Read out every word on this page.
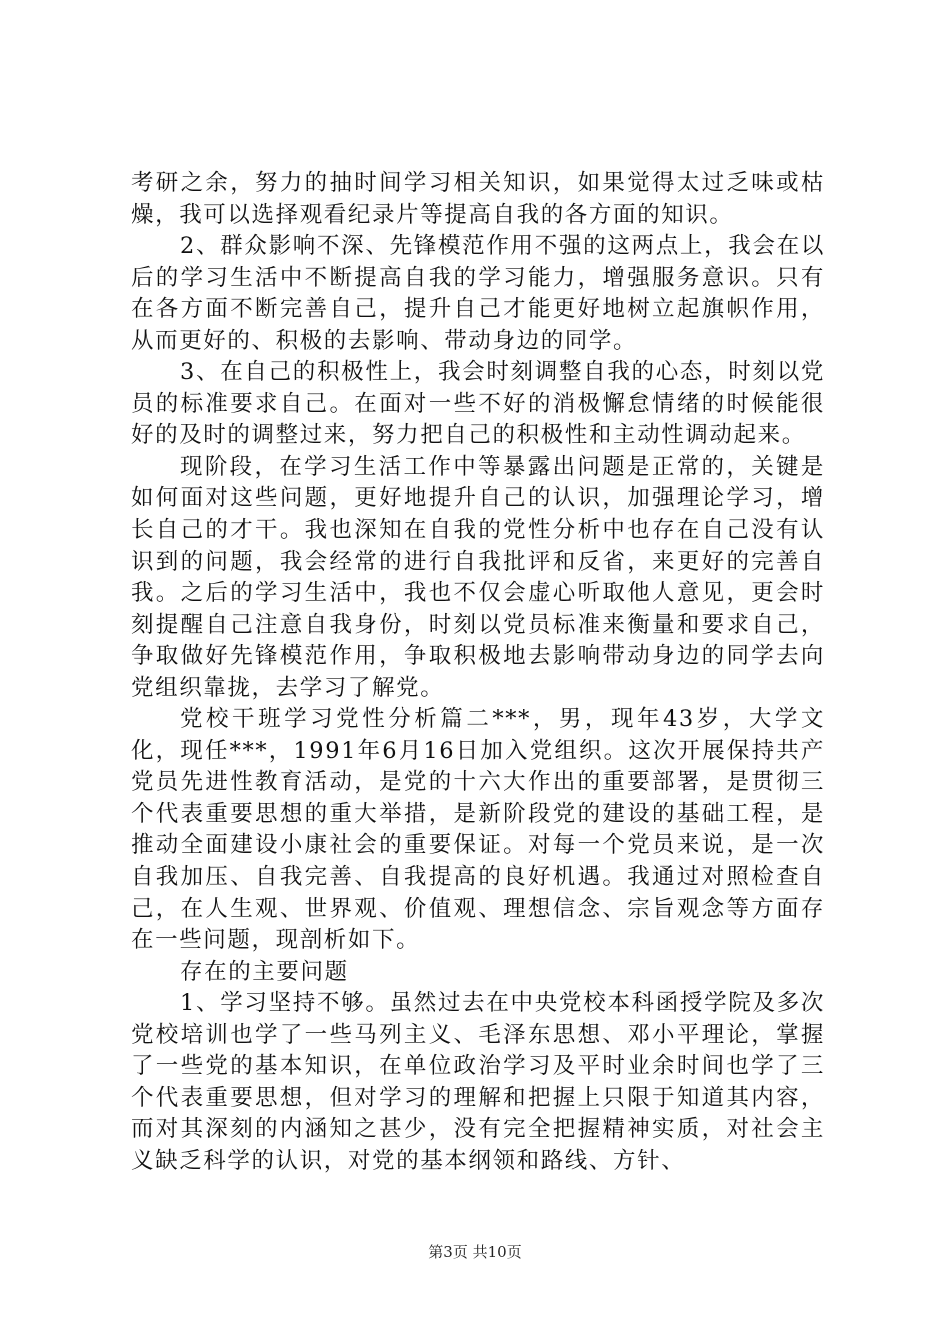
考研之余，努力的抽时间学习相关知识，如果觉得太过乏味或枯燥，我可以选择观看纪录片等提高自我的各方面的知识。

2、群众影响不深、先锋模范作用不强的这两点上，我会在以后的学习生活中不断提高自我的学习能力，增强服务意识。只有在各方面不断完善自己，提升自己才能更好地树立起旗帜作用，从而更好的、积极的去影响、带动身边的同学。

3、在自己的积极性上，我会时刻调整自我的心态，时刻以党员的标准要求自己。在面对一些不好的消极懈怠情绪的时候能很好的及时的调整过来，努力把自己的积极性和主动性调动起来。

现阶段，在学习生活工作中等暴露出问题是正常的，关键是如何面对这些问题，更好地提升自己的认识，加强理论学习，增长自己的才干。我也深知在自我的党性分析中也存在自己没有认识到的问题，我会经常的进行自我批评和反省，来更好的完善自我。之后的学习生活中，我也不仅会虚心听取他人意见，更会时刻提醒自己注意自我身份，时刻以党员标准来衡量和要求自己，争取做好先锋模范作用，争取积极地去影响带动身边的同学去向党组织靠拢，去学习了解党。

党校干班学习党性分析篇二***，男，现年43岁，大学文化，现任***，1991年6月16日加入党组织。这次开展保持共产党员先进性教育活动，是党的十六大作出的重要部署，是贯彻三个代表重要思想的重大举措，是新阶段党的建设的基础工程，是推动全面建设小康社会的重要保证。对每一个党员来说，是一次自我加压、自我完善、自我提高的良好机遇。我通过对照检查自己，在人生观、世界观、价值观、理想信念、宗旨观念等方面存在一些问题，现剖析如下。

存在的主要问题

1、学习坚持不够。虽然过去在中央党校本科函授学院及多次党校培训也学了一些马列主义、毛泽东思想、邓小平理论，掌握了一些党的基本知识，在单位政治学习及平时业余时间也学了三个代表重要思想，但对学习的理解和把握上只限于知道其内容，而对其深刻的内涵知之甚少，没有完全把握精神实质，对社会主义缺乏科学的认识，对党的基本纲领和路线、方针、

第3页 共10页
